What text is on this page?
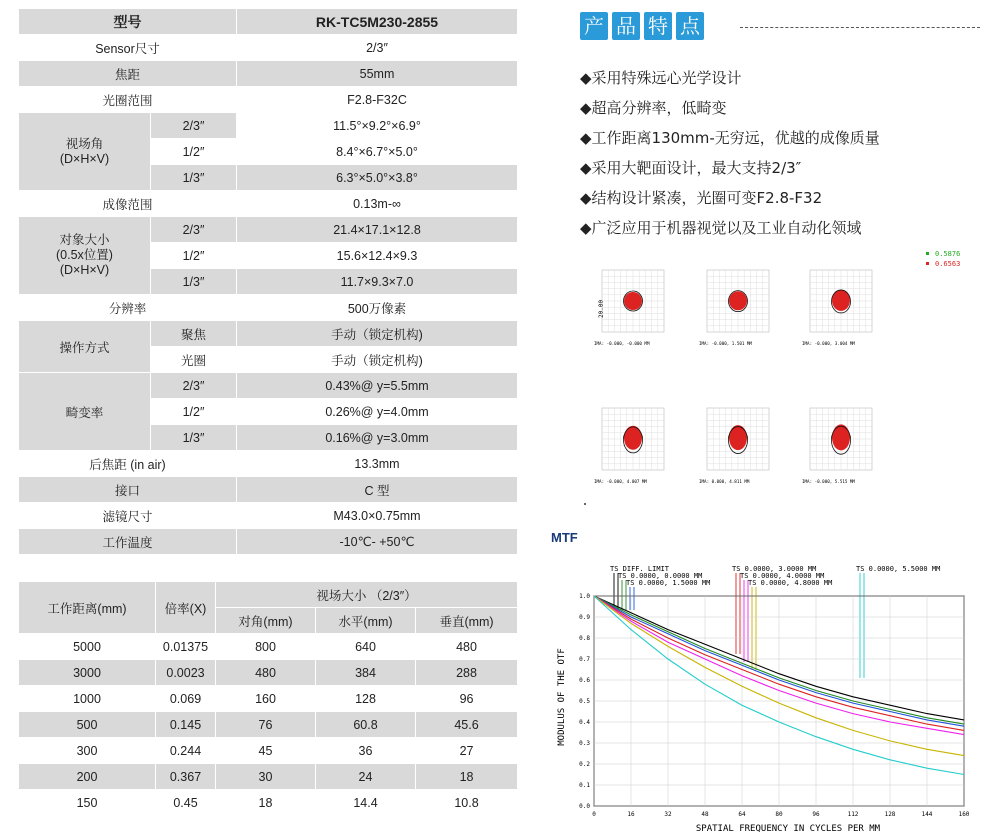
型号		RK-TC5M230-2855
Sensor尺寸		2/3″
焦距		55mm
光圈范围		F2.8-F32C
视场角
(D×H×V)	2/3″	11.5°×9.2°×6.9°
	1/2″	8.4°×6.7°×5.0°
	1/3″	6.3°×5.0°×3.8°
成像范围		0.13m-∞
对象大小
(0.5x位置)
(D×H×V)	2/3″	21.4×17.1×12.8
	1/2″	15.6×12.4×9.3
	1/3″	11.7×9.3×7.0
分辨率		500万像素
操作方式	聚焦	手动（锁定机构)
	光圈	手动（锁定机构)
畸变率	2/3″	0.43%@ y=5.5mm
	1/2″	0.26%@ y=4.0mm
	1/3″	0.16%@ y=3.0mm
后焦距 (in air)		13.3mm
接口		C 型
滤镜尺寸		M43.0×0.75mm
工作温度		-10℃- +50℃
工作距离(mm)	倍率(X)	视场大小 （2/3″）		
		对角(mm)	水平(mm)	垂直(mm)
5000	0.01375	800	640	480
3000	0.0023	480	384	288
1000	0.069	160	128	96
500	0.145	76	60.8	45.6
300	0.244	45	36	27
200	0.367	30	24	18
150	0.45	18	14.4	10.8
产 品 特 点
◆采用特殊远心光学设计
◆超高分辨率，低畸变
◆工作距离130mm-无穷远，优越的成像质量
◆采用大靶面设计，最大支持2/3″
◆结构设计紧凑，光圈可变F2.8-F32
◆广泛应用于机器视觉以及工业自动化领域
0.5876
0.6563
20.00
IMA: -0.000, -0.000 MM	IMA: -0.000, 1.501 MM	IMA: -0.000, 3.004 MM
IMA: -0.000, 4.007 MM	IMA: 0.000, 4.811 MM	IMA: -0.000, 5.515 MM
MTF
TS DIFF. LIMIT
TS 0.0000, 0.0000 MM
TS 0.0000, 1.5000 MM
TS 0.0000, 3.0000 MM
TS 0.0000, 4.0000 MM
TS 0.0000, 4.8000 MM
TS 0.0000, 5.5000 MM
0	16	32	48	64	80	96	112	128	144	160
0.0
0.1
0.2
0.3
0.4
0.5
0.6
0.7
0.8
0.9
1.0
SPATIAL FREQUENCY IN CYCLES PER MM
MODULUS OF THE OTF
